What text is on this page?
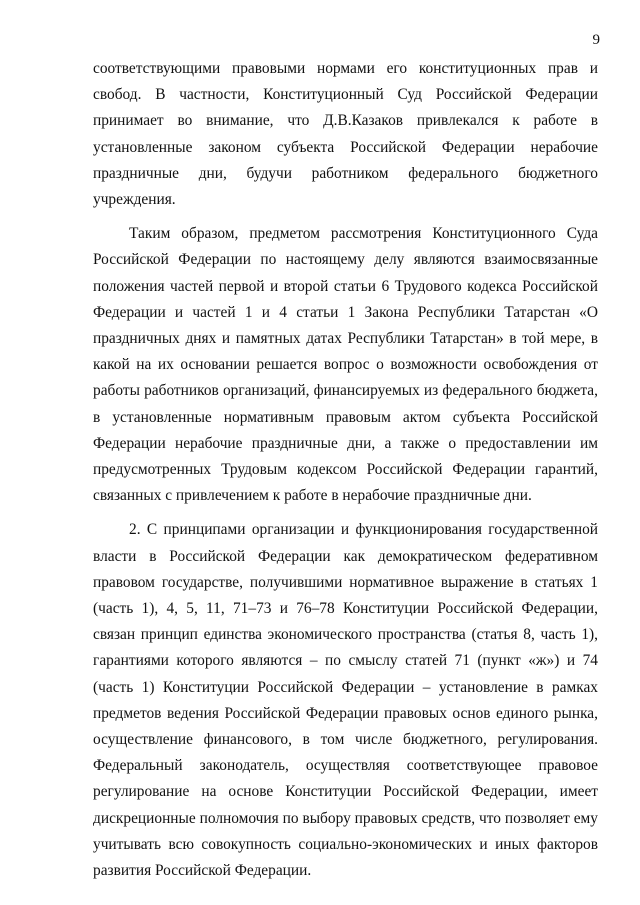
9

соответствующими правовыми нормами его конституционных прав и свобод. В частности, Конституционный Суд Российской Федерации принимает во внимание, что Д.В.Казаков привлекался к работе в установленные законом субъекта Российской Федерации нерабочие праздничные дни, будучи работником федерального бюджетного учреждения.

Таким образом, предметом рассмотрения Конституционного Суда Российской Федерации по настоящему делу являются взаимосвязанные положения частей первой и второй статьи 6 Трудового кодекса Российской Федерации и частей 1 и 4 статьи 1 Закона Республики Татарстан «О праздничных днях и памятных датах Республики Татарстан» в той мере, в какой на их основании решается вопрос о возможности освобождения от работы работников организаций, финансируемых из федерального бюджета, в установленные нормативным правовым актом субъекта Российской Федерации нерабочие праздничные дни, а также о предоставлении им предусмотренных Трудовым кодексом Российской Федерации гарантий, связанных с привлечением к работе в нерабочие праздничные дни.

2. С принципами организации и функционирования государственной власти в Российской Федерации как демократическом федеративном правовом государстве, получившими нормативное выражение в статьях 1 (часть 1), 4, 5, 11, 71–73 и 76–78 Конституции Российской Федерации, связан принцип единства экономического пространства (статья 8, часть 1), гарантиями которого являются – по смыслу статей 71 (пункт «ж») и 74 (часть 1) Конституции Российской Федерации – установление в рамках предметов ведения Российской Федерации правовых основ единого рынка, осуществление финансового, в том числе бюджетного, регулирования. Федеральный законодатель, осуществляя соответствующее правовое регулирование на основе Конституции Российской Федерации, имеет дискреционные полномочия по выбору правовых средств, что позволяет ему учитывать всю совокупность социально-экономических и иных факторов развития Российской Федерации.
